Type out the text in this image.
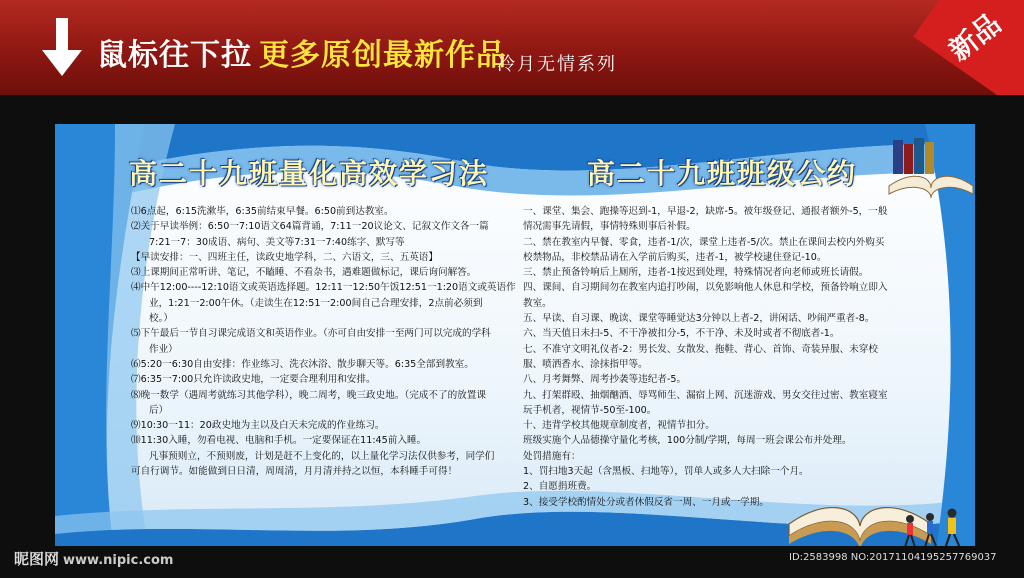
鼠标往下拉 更多原创最新作品
冷月无情系列	新品
高二十九班量化高效学习法	高二十九班班级公约

⑴6点起，6:15洗漱毕，6:35前结束早餐。6:50前到达教室。

⑵关于早读举例：6:50一7:10语文64篇背诵，7:11一20议论文、记叙文作文各一篇

7:21一7：30成语、病句、美文等7:31一7:40练字、默写等

【早读安排：一、四班主任，读政史地学科，二、六语文，三、五英语】

⑶上课期间正常听讲、笔记，不瞌睡、不看杂书，遇难题做标记，课后询问解答。

⑷中午12:00----12:10语文或英语选择题。12:11一12:50午饭12:51一1:20语文或英语作

业，1:21一2:00午休。（走读生在12:51一2:00间自己合理安排，2点前必须到

校。）

⑸下午最后一节自习课完成语文和英语作业。（亦可自由安排一至两门可以完成的学科

作业）

⑹5:20一6:30自由安排：作业练习、洗衣沐浴、散步聊天等。6:35全部到教室。

⑺6:35一7:00只允许读政史地，一定要合理利用和安排。

⑻晚一数学（遇周考就练习其他学科），晚二周考，晚三政史地。（完成不了的放置课

后）

⑼10:30一11：20政史地为主以及白天未完成的作业练习。

⑽11:30入睡，勿看电视、电脑和手机。一定要保证在11:45前入睡。

凡事预则立，不预则废，计划是赶不上变化的，以上量化学习法仅供参考，同学们

可自行调节。如能做到日日清，周周清，月月清并持之以恒，本科睡手可得！

一、课堂、集会、跑操等迟到-1，早退-2，缺席-5。被年级登记、通报者额外-5，一般

情况需事先请假，事情特殊则事后补假。

二、禁在教室内早餐、零食，违者-1/次，课堂上违者-5/次。禁止在课间去校内外购买

校禁物品，非校禁品请在入学前后购买，违者-1，被学校逮住登记-10。

三、禁止预备铃响后上厕所，违者-1按迟到处理，特殊情况者向老师或班长请假。

四、课间、自习期间勿在教室内追打吵闹，以免影响他人休息和学校，预备铃响立即入

教室。

五、早读、自习课、晚读、课堂等睡觉达3分钟以上者-2，讲闲话、吵闹严重者-8。

六、当天值日未扫-5、不干净被扣分-5，不干净、未及时或者不彻底者-1。

七、不准守文明礼仪者-2：男长发、女散发、拖鞋、背心、首饰、奇装异服、未穿校

服、喷洒香水、涂抹指甲等。

八、月考舞弊、周考抄袭等违纪者-5。

九、打架群殴、抽烟酗酒、辱骂师生、漏宿上网、沉迷游戏、男女交往过密、教室寝室

玩手机者，视情节-50至-100。

十、违背学校其他规章制度者，视情节扣分。

班级实施个人品德操守量化考核，100分制/学期，每周一班会课公布并处理。

处罚措施有：

1、罚扫地3天起（含黑板、扫地等），罚单人或多人大扫除一个月。

2、自愿捐班费。

3、接受学校酌情处分或者休假反省一周、一月或一学期。

昵图网 www.nipic.com	ID:2583998 NO:20171104195257769037
